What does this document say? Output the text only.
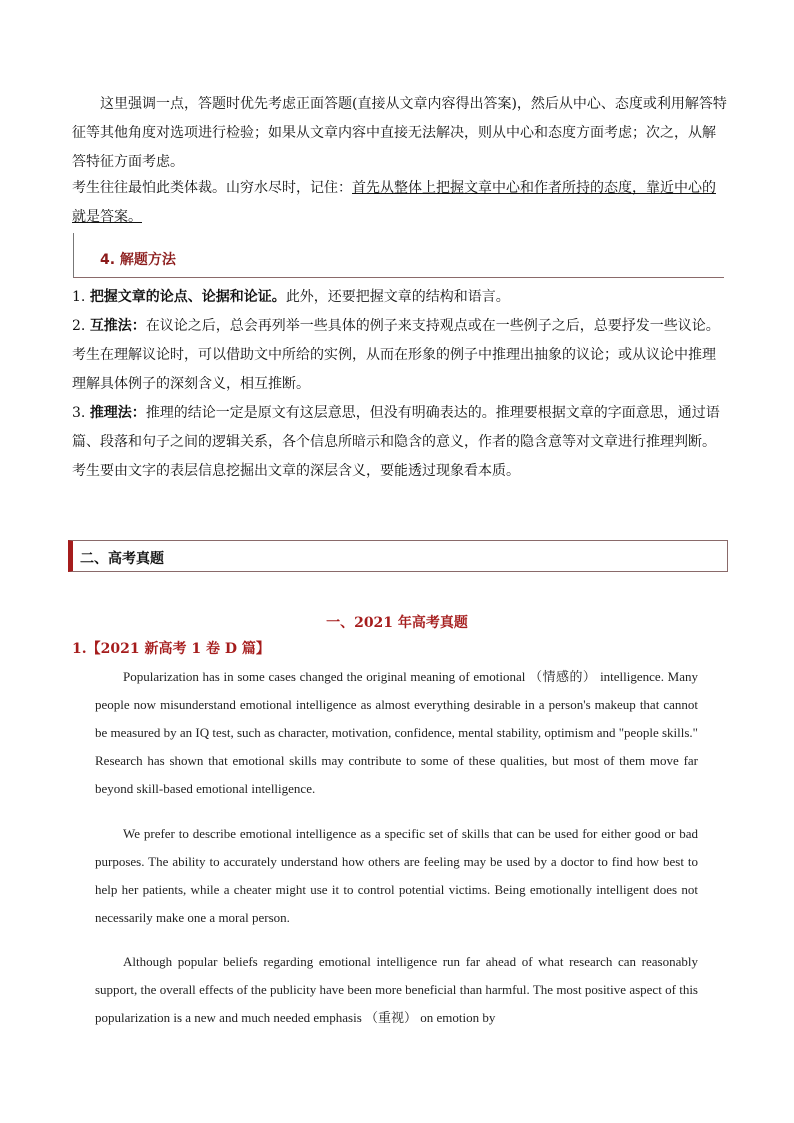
这里强调一点，答题时优先考虑正面答题(直接从文章内容得出答案)，然后从中心、态度或利用解答特征等其他角度对选项进行检验；如果从文章内容中直接无法解决，则从中心和态度方面考虑；次之，从解答特征方面考虑。

考生往往最怕此类体裁。山穷水尽时，记住：首先从整体上把握文章中心和作者所持的态度，靠近中心的就是答案。

4. 解题方法

1. 把握文章的论点、论据和论证。此外，还要把握文章的结构和语言。

2. 互推法：在议论之后，总会再列举一些具体的例子来支持观点或在一些例子之后，总要抒发一些议论。考生在理解议论时，可以借助文中所给的实例，从而在形象的例子中推理出抽象的议论；或从议论中推理理解具体例子的深刻含义，相互推断。

3. 推理法：推理的结论一定是原文有这层意思，但没有明确表达的。推理要根据文章的字面意思，通过语篇、段落和句子之间的逻辑关系，各个信息所暗示和隐含的意义，作者的隐含意等对文章进行推理判断。考生要由文字的表层信息挖掘出文章的深层含义，要能透过现象看本质。

二、高考真题
一、2021 年高考真题
1.【2021 新高考 1 卷 D 篇】

Popularization has in some cases changed the original meaning of emotional （情感的） intelligence. Many people now misunderstand emotional intelligence as almost everything desirable in a person's makeup that cannot be measured by an IQ test, such as character, motivation, confidence, mental stability, optimism and "people skills." Research has shown that emotional skills may contribute to some of these qualities, but most of them move far beyond skill-based emotional intelligence.

We prefer to describe emotional intelligence as a specific set of skills that can be used for either good or bad purposes. The ability to accurately understand how others are feeling may be used by a doctor to find how best to help her patients, while a cheater might use it to control potential victims. Being emotionally intelligent does not necessarily make one a moral person.

Although popular beliefs regarding emotional intelligence run far ahead of what research can reasonably support, the overall effects of the publicity have been more beneficial than harmful. The most positive aspect of this popularization is a new and much needed emphasis （重视） on emotion by
